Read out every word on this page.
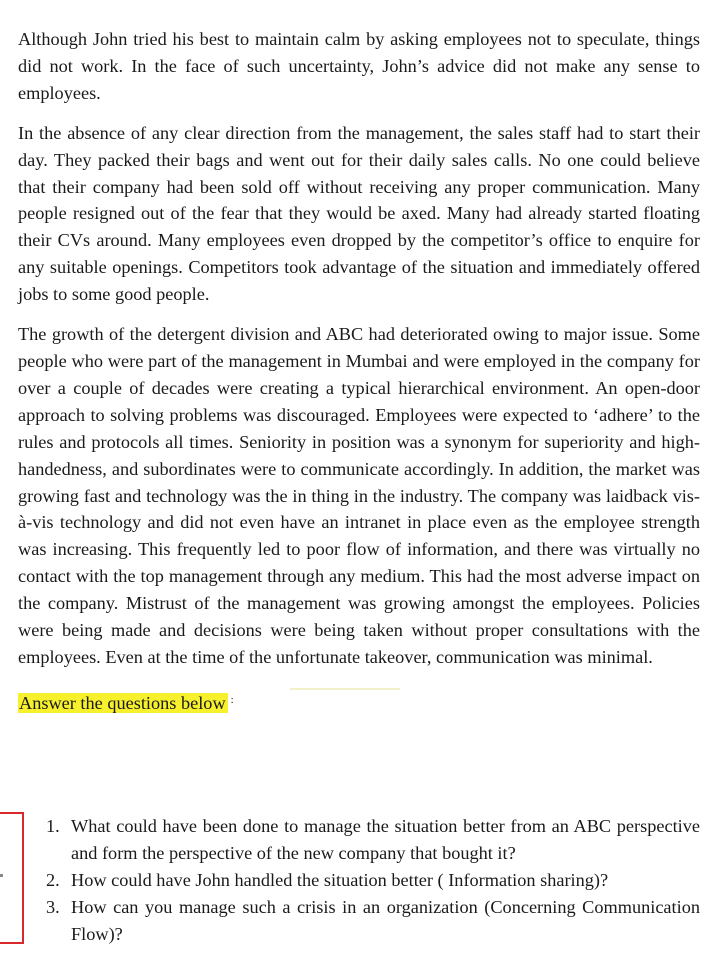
Although John tried his best to maintain calm by asking employees not to speculate, things did not work. In the face of such uncertainty, John’s advice did not make any sense to employees.

In the absence of any clear direction from the management, the sales staff had to start their day. They packed their bags and went out for their daily sales calls. No one could believe that their company had been sold off without receiving any proper communication. Many people resigned out of the fear that they would be axed. Many had already started floating their CVs around. Many employees even dropped by the competitor’s office to enquire for any suitable openings. Competitors took advantage of the situation and immediately offered jobs to some good people.

The growth of the detergent division and ABC had deteriorated owing to major issue. Some people who were part of the management in Mumbai and were employed in the company for over a couple of decades were creating a typical hierarchical environment. An open-door approach to solving problems was discouraged. Employees were expected to ‘adhere’ to the rules and protocols all times. Seniority in position was a synonym for superiority and high-handedness, and subordinates were to communicate accordingly. In addition, the market was growing fast and technology was the in thing in the industry. The company was laidback vis-à-vis technology and did not even have an intranet in place even as the employee strength was increasing. This frequently led to poor flow of information, and there was virtually no contact with the top management through any medium. This had the most adverse impact on the company. Mistrust of the management was growing amongst the employees. Policies were being made and decisions were being taken without proper consultations with the employees. Even at the time of the unfortunate takeover, communication was minimal.

Answer the questions below :
1. What could have been done to manage the situation better from an ABC perspective and form the perspective of the new company that bought it?
2. How could have John handled the situation better ( Information sharing)?
3. How can you manage such a crisis in an organization (Concerning Communication Flow)?
